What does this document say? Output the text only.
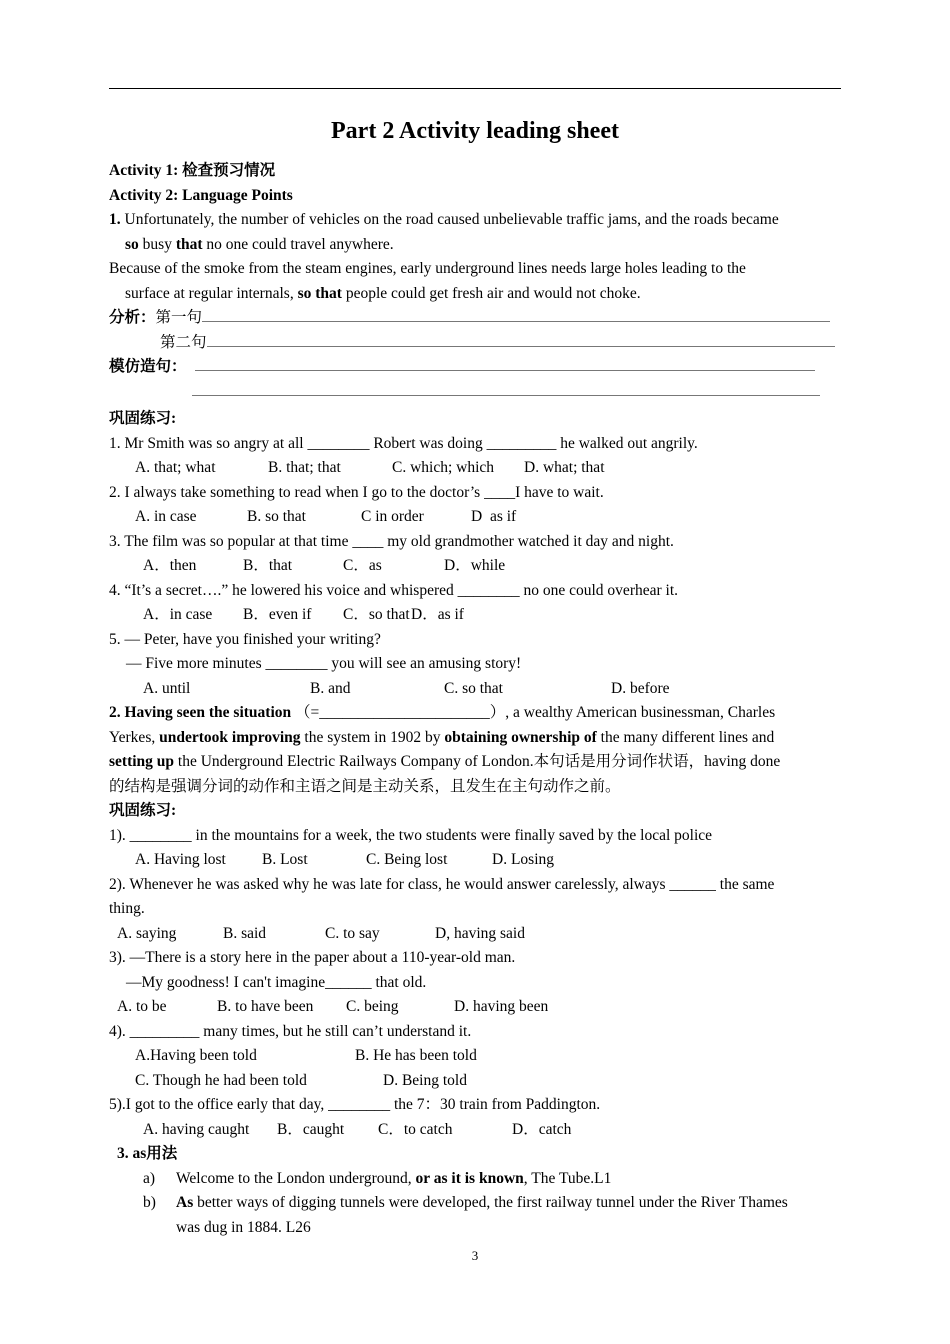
Part 2 Activity leading sheet
Activity 1: 检查预习情况
Activity 2: Language Points
1. Unfortunately, the number of vehicles on the road caused unbelievable traffic jams, and the roads became
so busy that no one could travel anywhere.
Because of the smoke from the steam engines, early underground lines needs large holes leading to the
surface at regular internals, so that people could get fresh air and would not choke.
分析：第一句
第二句
模仿造句：
巩固练习:
1. Mr Smith was so angry at all ________ Robert was doing _________ he walked out angrily.
A. that; what	B. that; that	C. which; which D. what; that
2. I always take something to read when I go to the doctor’s ____I have to wait.
A. in case	B. so that	C in order	D  as if
3. The film was so popular at that time ____ my old grandmother watched it day and night.
A．then	B．that	C．as	D．while
4. “It’s a secret….” he lowered his voice and whispered ________ no one could overhear it.
A．in case B．even if C．so thatD．as if
5. — Peter, have you finished your writing?
— Five more minutes ________ you will see an amusing story!
A. until	B. and	C. so that	D. before
2. Having seen the situation （=______________________）, a wealthy American businessman, Charles
Yerkes, undertook improving the system in 1902 by obtaining ownership of the many different lines and
setting up the Underground Electric Railways Company of London.本句话是用分词作状语，having done
的结构是强调分词的动作和主语之间是主动关系，且发生在主句动作之前。
巩固练习:
1). ________ in the mountains for a week, the two students were finally saved by the local police
A. Having lost B. Lost	C. Being lost	D. Losing
2). Whenever he was asked why he was late for class, he would answer carelessly, always ______ the same
thing.
A. saying	B. said	C. to say	D, having said
3). —There is a story here in the paper about a 110-year-old man.
—My goodness! I can't imagine______ that old.
A. to be	B. to have been C. being	D. having been
4). _________ many times, but he still can’t understand it.
A.Having been told	B. He has been told
C. Though he had been told	D. Being told
5).I got to the office early that day, ________ the 7：30 train from Paddington.
A. having caught B．caught C．to catch	D．catch
3. as用法
a) Welcome to the London underground, or as it is known, The Tube.L1
b) As better ways of digging tunnels were developed, the first railway tunnel under the River Thames
was dug in 1884. L26
3
